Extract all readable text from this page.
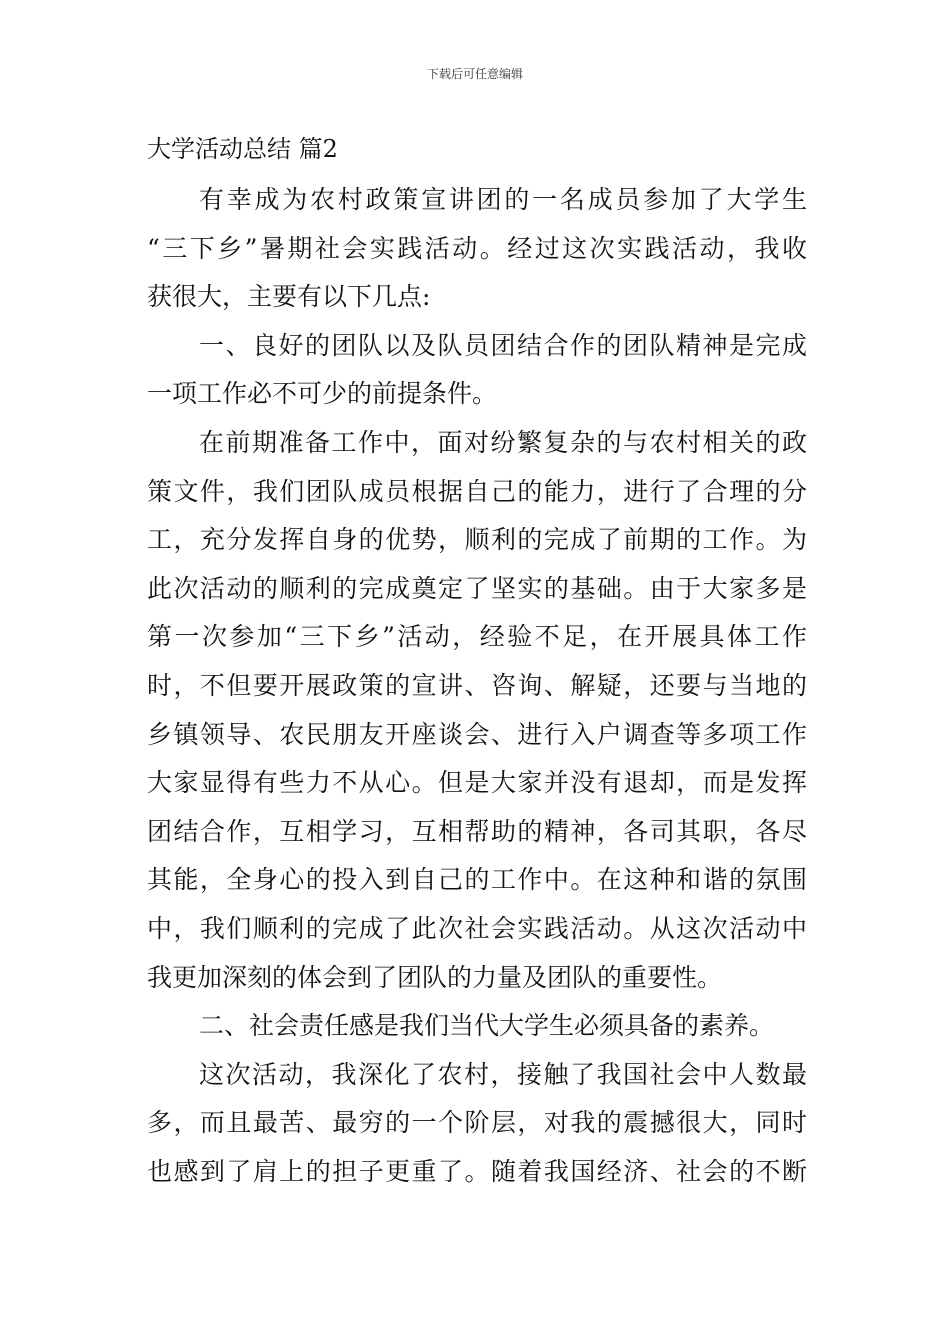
下载后可任意编辑
大学活动总结 篇2
有幸成为农村政策宣讲团的一名成员参加了大学生
“三下乡”暑期社会实践活动。经过这次实践活动，我收
获很大，主要有以下几点:
一、良好的团队以及队员团结合作的团队精神是完成
一项工作必不可少的前提条件。
在前期准备工作中，面对纷繁复杂的与农村相关的政
策文件，我们团队成员根据自己的能力，进行了合理的分
工，充分发挥自身的优势，顺利的完成了前期的工作。为
此次活动的顺利的完成奠定了坚实的基础。由于大家多是
第一次参加“三下乡”活动，经验不足，在开展具体工作
时，不但要开展政策的宣讲、咨询、解疑，还要与当地的
乡镇领导、农民朋友开座谈会、进行入户调查等多项工作
大家显得有些力不从心。但是大家并没有退却，而是发挥
团结合作，互相学习，互相帮助的精神，各司其职，各尽
其能，全身心的投入到自己的工作中。在这种和谐的氛围
中，我们顺利的完成了此次社会实践活动。从这次活动中
我更加深刻的体会到了团队的力量及团队的重要性。
二、社会责任感是我们当代大学生必须具备的素养。
这次活动，我深化了农村，接触了我国社会中人数最
多，而且最苦、最穷的一个阶层，对我的震撼很大，同时
也感到了肩上的担子更重了。随着我国经济、社会的不断
